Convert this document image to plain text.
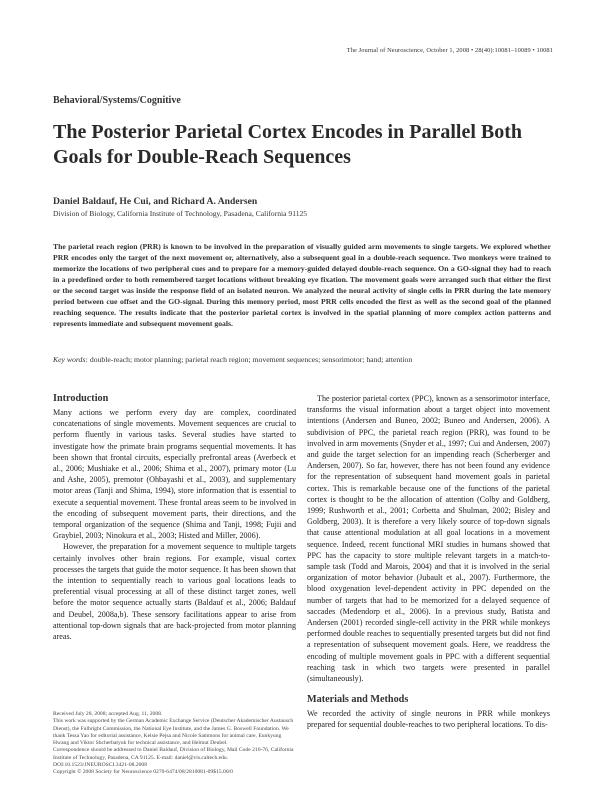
The Journal of Neuroscience, October 1, 2008 • 28(40):10081–10089 • 10081
Behavioral/Systems/Cognitive
The Posterior Parietal Cortex Encodes in Parallel Both Goals for Double-Reach Sequences
Daniel Baldauf, He Cui, and Richard A. Andersen
Division of Biology, California Institute of Technology, Pasadena, California 91125

The parietal reach region (PRR) is known to be involved in the preparation of visually guided arm movements to single targets. We explored whether PRR encodes only the target of the next movement or, alternatively, also a subsequent goal in a double-reach sequence. Two monkeys were trained to memorize the locations of two peripheral cues and to prepare for a memory-guided delayed double-reach sequence. On a GO-signal they had to reach in a predefined order to both remembered target locations without breaking eye fixation. The movement goals were arranged such that either the first or the second target was inside the response field of an isolated neuron. We analyzed the neural activity of single cells in PRR during the late memory period between cue offset and the GO-signal. During this memory period, most PRR cells encoded the first as well as the second goal of the planned reaching sequence. The results indicate that the posterior parietal cortex is involved in the spatial planning of more complex action patterns and represents immediate and subsequent movement goals.

Key words: double-reach; motor planning; parietal reach region; movement sequences; sensorimotor; hand; attention
Introduction

Many actions we perform every day are complex, coordinated concatenations of single movements. Movement sequences are crucial to perform fluently in various tasks. Several studies have started to investigate how the primate brain programs sequential movements. It has been shown that frontal circuits, especially prefrontal areas (Averbeck et al., 2006; Mushiake et al., 2006; Shima et al., 2007), primary motor (Lu and Ashe, 2005), premotor (Ohbayashi et al., 2003), and supplementary motor areas (Tanji and Shima, 1994), store information that is essential to execute a sequential movement. These frontal areas seem to be involved in the encoding of subsequent movement parts, their directions, and the temporal organization of the sequence (Shima and Tanji, 1998; Fujii and Graybiel, 2003; Ninokura et al., 2003; Histed and Miller, 2006).

However, the preparation for a movement sequence to multiple targets certainly involves other brain regions. For example, visual cortex processes the targets that guide the motor sequence. It has been shown that the intention to sequentially reach to various goal locations leads to preferential visual processing at all of these distinct target zones, well before the motor sequence actually starts (Baldauf et al., 2006; Baldauf and Deubel, 2008a,b). These sensory facilitations appear to arise from attentional top-down signals that are back-projected from motor planning areas.

Received July 28, 2008; accepted Aug. 11, 2008.

This work was supported by the German Academic Exchange Service (Deutscher Akademischer Austausch Dienst), the Fulbright Commission, the National Eye Institute, and the James G. Boswell Foundation. We thank Tessa Yao for editorial assistance, Kelsie Pejsa and Nicole Sammons for animal care, Eunkyung Hwang and Viktor Shcherbatyuk for technical assistance, and Helmut Deubel.

Correspondence should be addressed to Daniel Baldauf, Division of Biology, Mail Code 216-76, California Institute of Technology, Pasadena, CA 91125. E-mail: daniel@vis.caltech.edu.

DOI:10.1523/JNEUROSCI.3421-08.2008

Copyright © 2008 Society for Neuroscience 0270-6474/08/2810081-09$15.00/0

The posterior parietal cortex (PPC), known as a sensorimotor interface, transforms the visual information about a target object into movement intentions (Andersen and Buneo, 2002; Buneo and Andersen, 2006). A subdivision of PPC, the parietal reach region (PRR), was found to be involved in arm movements (Snyder et al., 1997; Cui and Andersen, 2007) and guide the target selection for an impending reach (Scherberger and Andersen, 2007). So far, however, there has not been found any evidence for the representation of subsequent hand movement goals in parietal cortex. This is remarkable because one of the functions of the parietal cortex is thought to be the allocation of attention (Colby and Goldberg, 1999; Rushworth et al., 2001; Corbetta and Shulman, 2002; Bisley and Goldberg, 2003). It is therefore a very likely source of top-down signals that cause attentional modulation at all goal locations in a movement sequence. Indeed, recent functional MRI studies in humans showed that PPC has the capacity to store multiple relevant targets in a match-to-sample task (Todd and Marois, 2004) and that it is involved in the serial organization of motor behavior (Jubault et al., 2007). Furthermore, the blood oxygenation level-dependent activity in PPC depended on the number of targets that had to be memorized for a delayed sequence of saccades (Medendorp et al., 2006). In a previous study, Batista and Andersen (2001) recorded single-cell activity in the PRR while monkeys performed double reaches to sequentially presented targets but did not find a representation of subsequent movement goals. Here, we readdress the encoding of multiple movement goals in PPC with a different sequential reaching task in which two targets were presented in parallel (simultaneously).

Materials and Methods

We recorded the activity of single neurons in PRR while monkeys prepared for sequential double-reaches to two peripheral locations. To dis-
